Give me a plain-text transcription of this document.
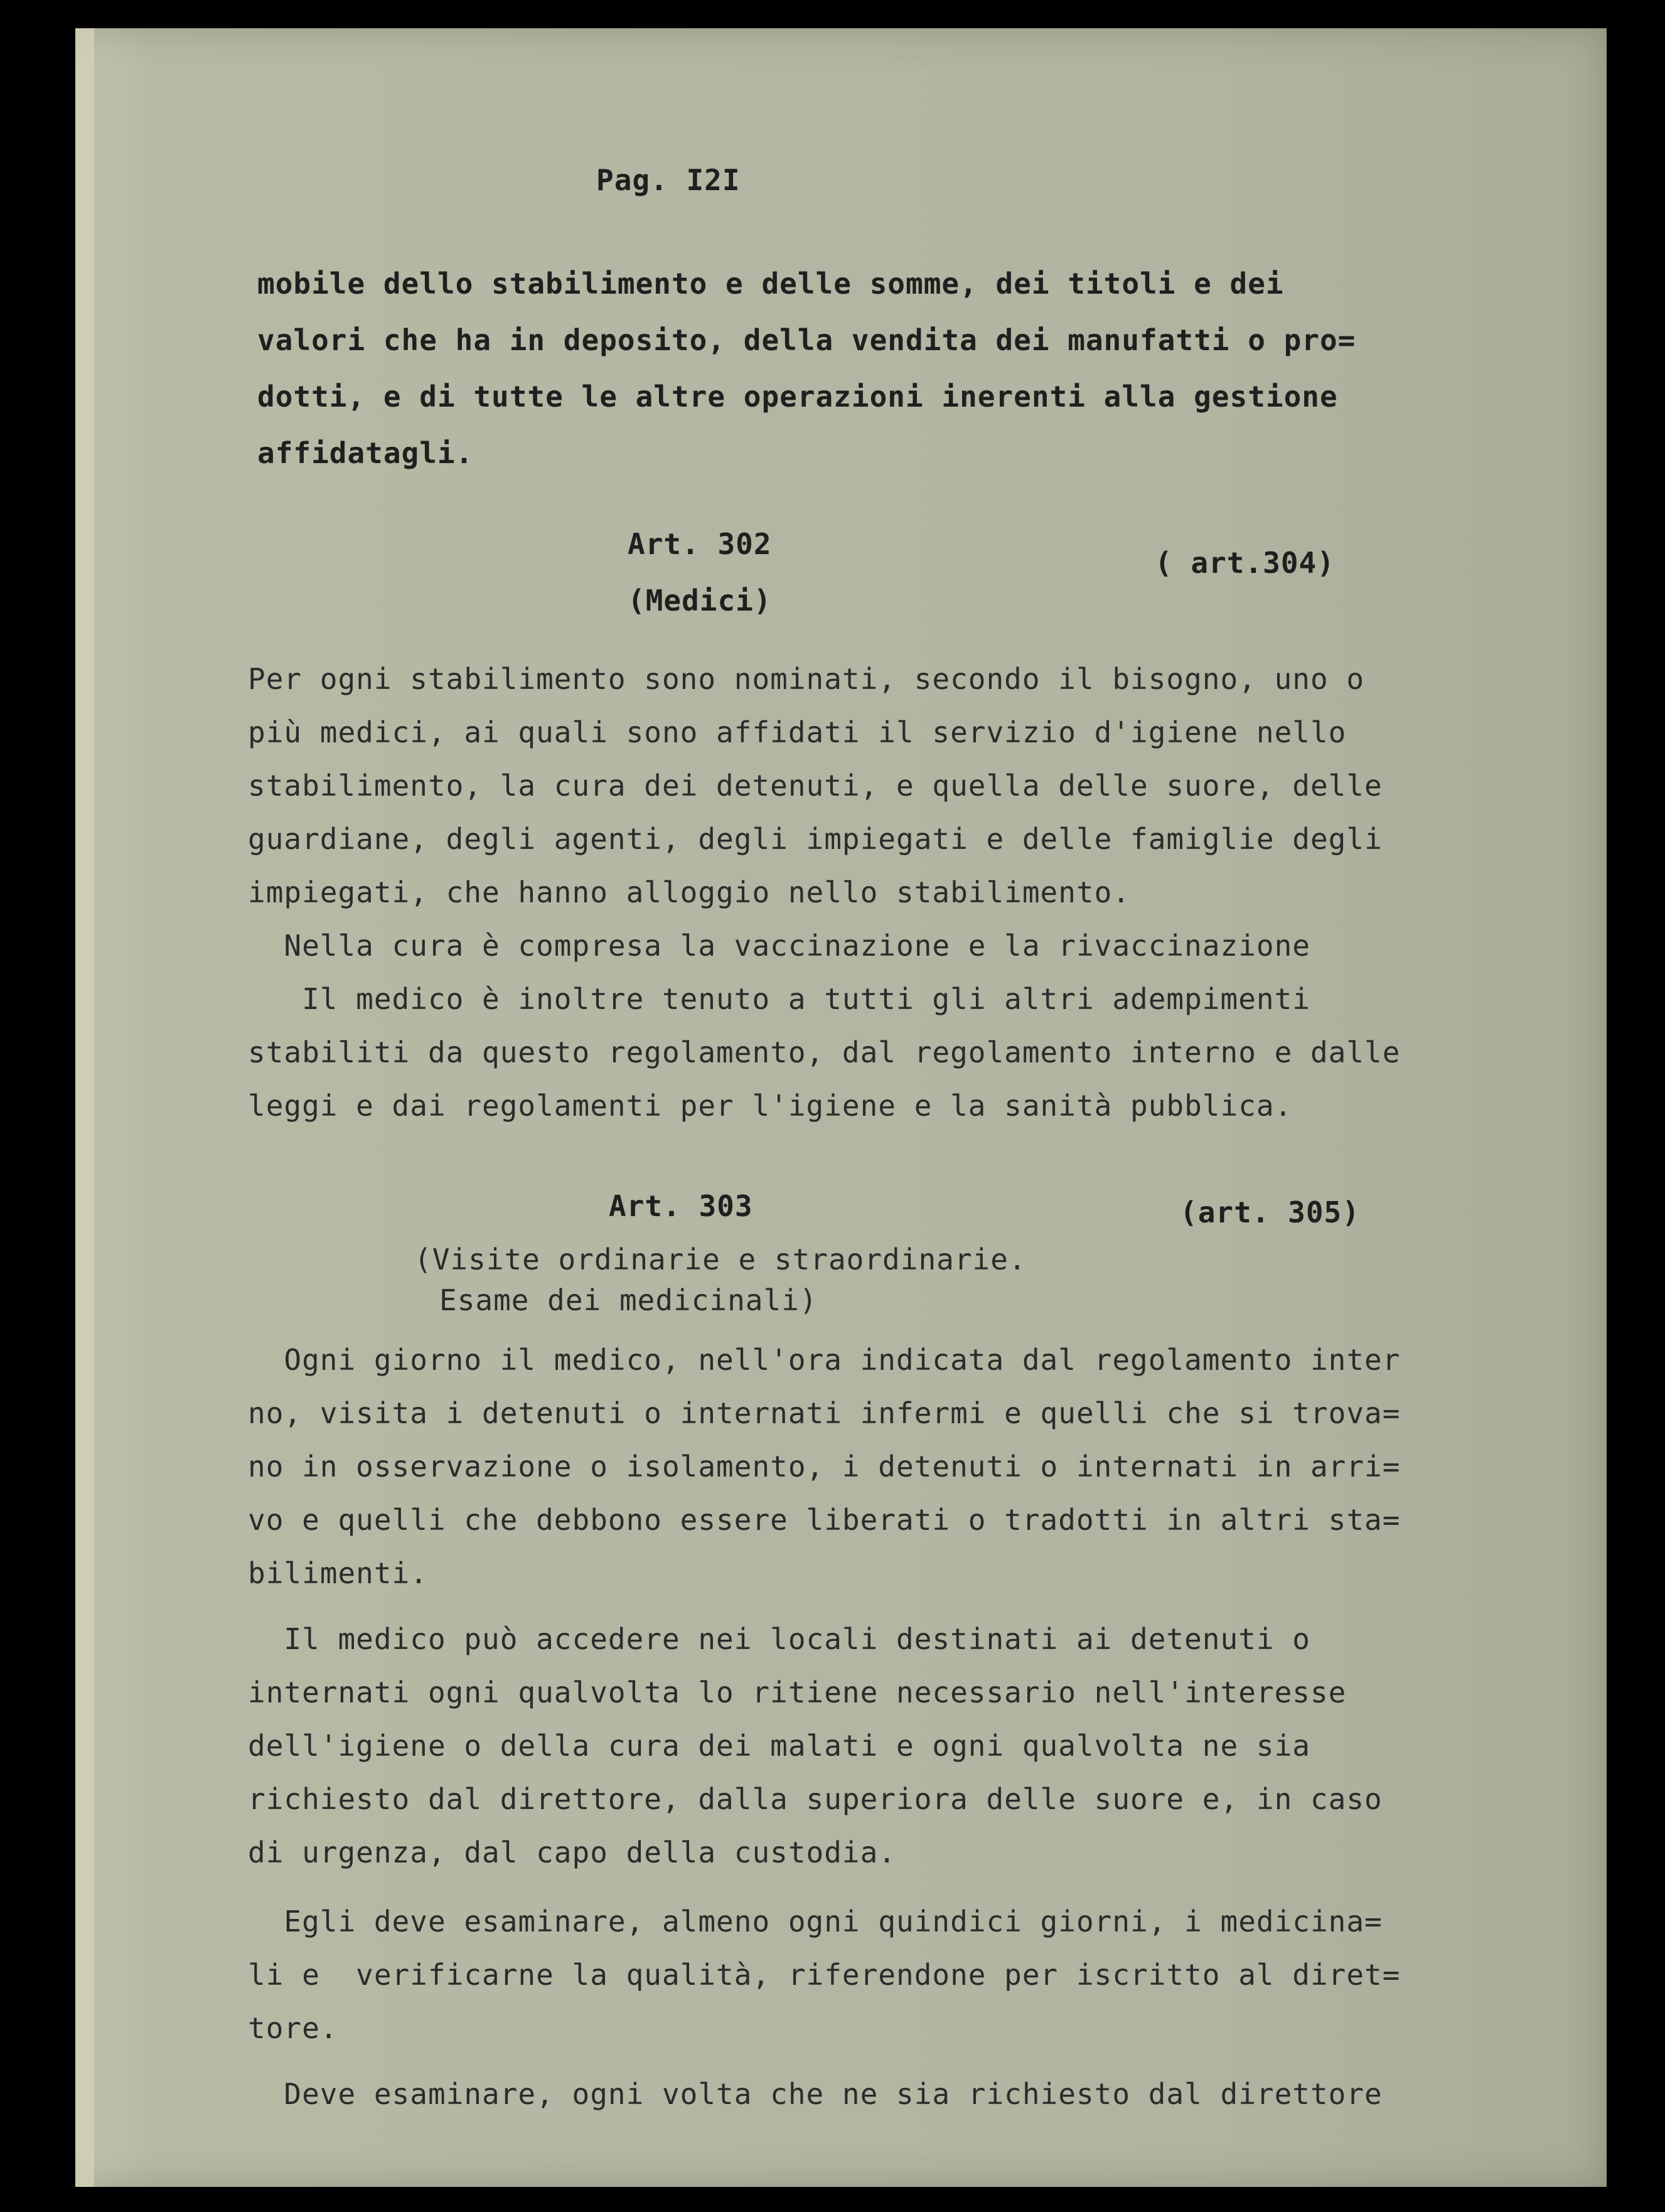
Pag. I2I
mobile dello stabilimento e delle somme, dei titoli e dei
valori che ha in deposito, della vendita dei manufatti o pro=
dotti, e di tutte le altre operazioni inerenti alla gestione
affidatagli.
Art. 302
(Medici)
( art.304)
Per ogni stabilimento sono nominati, secondo il bisogno, uno o
più medici, ai quali sono affidati il servizio d'igiene nello
stabilimento, la cura dei detenuti, e quella delle suore, delle
guardiane, degli agenti, degli impiegati e delle famiglie degli
impiegati, che hanno alloggio nello stabilimento.
Nella cura è compresa la vaccinazione e la rivaccinazione
Il medico è inoltre tenuto a tutti gli altri adempimenti
stabiliti da questo regolamento, dal regolamento interno e dalle
leggi e dai regolamenti per l'igiene e la sanità pubblica.
Art. 303	(art. 305)
(Visite ordinarie e straordinarie.
Esame dei medicinali)
Ogni giorno il medico, nell'ora indicata dal regolamento inter
no, visita i detenuti o internati infermi e quelli che si trova=
no in osservazione o isolamento, i detenuti o internati in arri=
vo e quelli che debbono essere liberati o tradotti in altri sta=
bilimenti.
Il medico può accedere nei locali destinati ai detenuti o
internati ogni qualvolta lo ritiene necessario nell'interesse
dell'igiene o della cura dei malati e ogni qualvolta ne sia
richiesto dal direttore, dalla superiora delle suore e, in caso
di urgenza, dal capo della custodia.
Egli deve esaminare, almeno ogni quindici giorni, i medicina=
li e  verificarne la qualità, riferendone per iscritto al diret=
tore.
Deve esaminare, ogni volta che ne sia richiesto dal direttore
